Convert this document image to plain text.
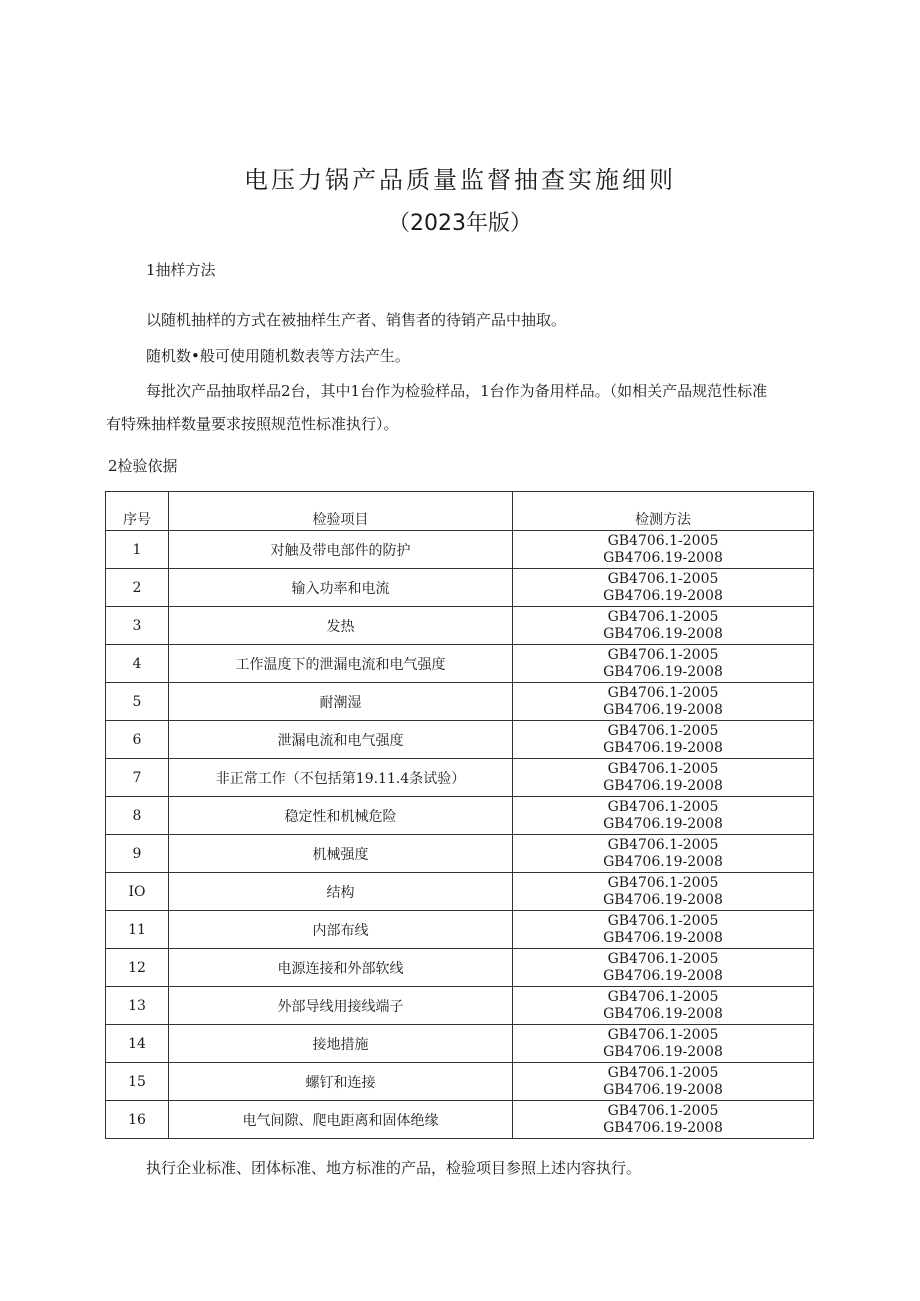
电压力锅产品质量监督抽查实施细则
（2023年版）
1抽样方法
以随机抽样的方式在被抽样生产者、销售者的待销产品中抽取。
随机数•般可使用随机数表等方法产生。
每批次产品抽取样品2台，其中1台作为检验样品，1台作为备用样品。（如相关产品规范性标准
有特殊抽样数量要求按照规范性标准执行）。
2检验依据
序号	检验项目	检测方法
1	对触及带电部件的防护	GB4706.1-2005
GB4706.19-2008

2	输入功率和电流	GB4706.1-2005
GB4706.19-2008

3	发热	GB4706.1-2005
GB4706.19-2008

4	工作温度下的泄漏电流和电气强度	GB4706.1-2005
GB4706.19-2008

5	耐潮湿	GB4706.1-2005
GB4706.19-2008

6	泄漏电流和电气强度	GB4706.1-2005
GB4706.19-2008

7	非正常工作（不包括第19.11.4条试验）	GB4706.1-2005
GB4706.19-2008

8	稳定性和机械危险	GB4706.1-2005
GB4706.19-2008

9	机械强度	GB4706.1-2005
GB4706.19-2008

IO	结构	GB4706.1-2005
GB4706.19-2008

11	内部布线	GB4706.1-2005
GB4706.19-2008

12	电源连接和外部软线	GB4706.1-2005
GB4706.19-2008

13	外部导线用接线端子	GB4706.1-2005
GB4706.19-2008

14	接地措施	GB4706.1-2005
GB4706.19-2008

15	螺钉和连接	GB4706.1-2005
GB4706.19-2008

16	电气间隙、爬电距离和固体绝缘	GB4706.1-2005
GB4706.19-2008
执行企业标准、团体标准、地方标准的产品，检验项目参照上述内容执行。
